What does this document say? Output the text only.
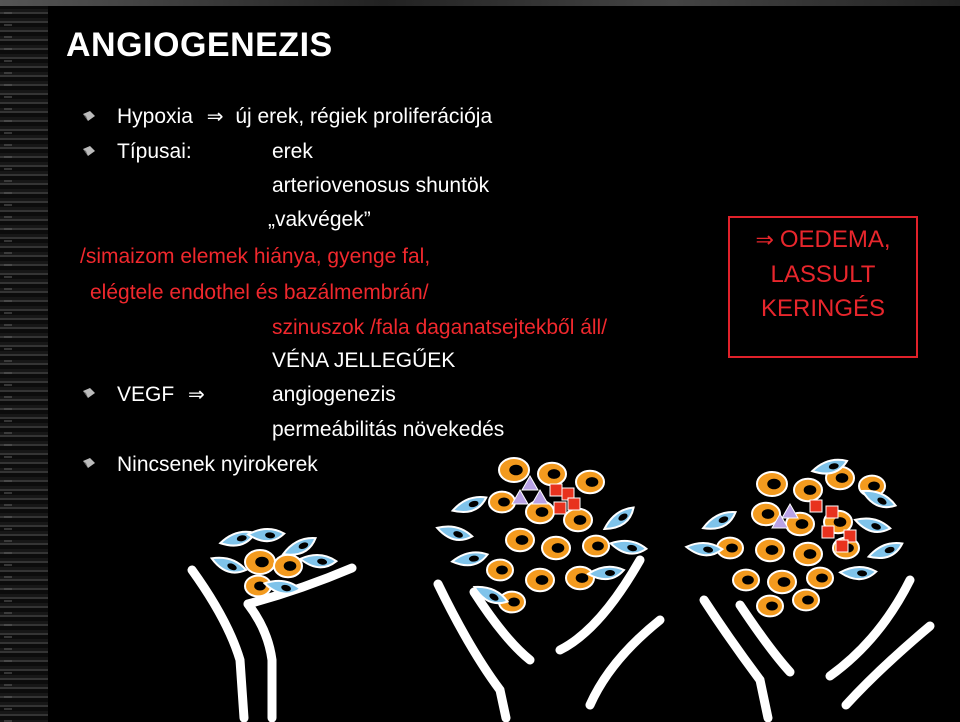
ANGIOGENEZIS
Hypoxia ⇒ új erek, régiek proliferációja
Típusai:	erek
arteriovenosus shuntök
„vakvégek”
/simaizom elemek hiánya, gyenge fal,
elégtele endothel és bazálmembrán/
szinuszok /fala daganatsejtekből áll/
VÉNA JELLEGŰEK
VEGF ⇒	angiogenezis
permeábilitás növekedés
Nincsenek nyirokerek
⇒ OEDEMA,
LASSULT
KERINGÉS
